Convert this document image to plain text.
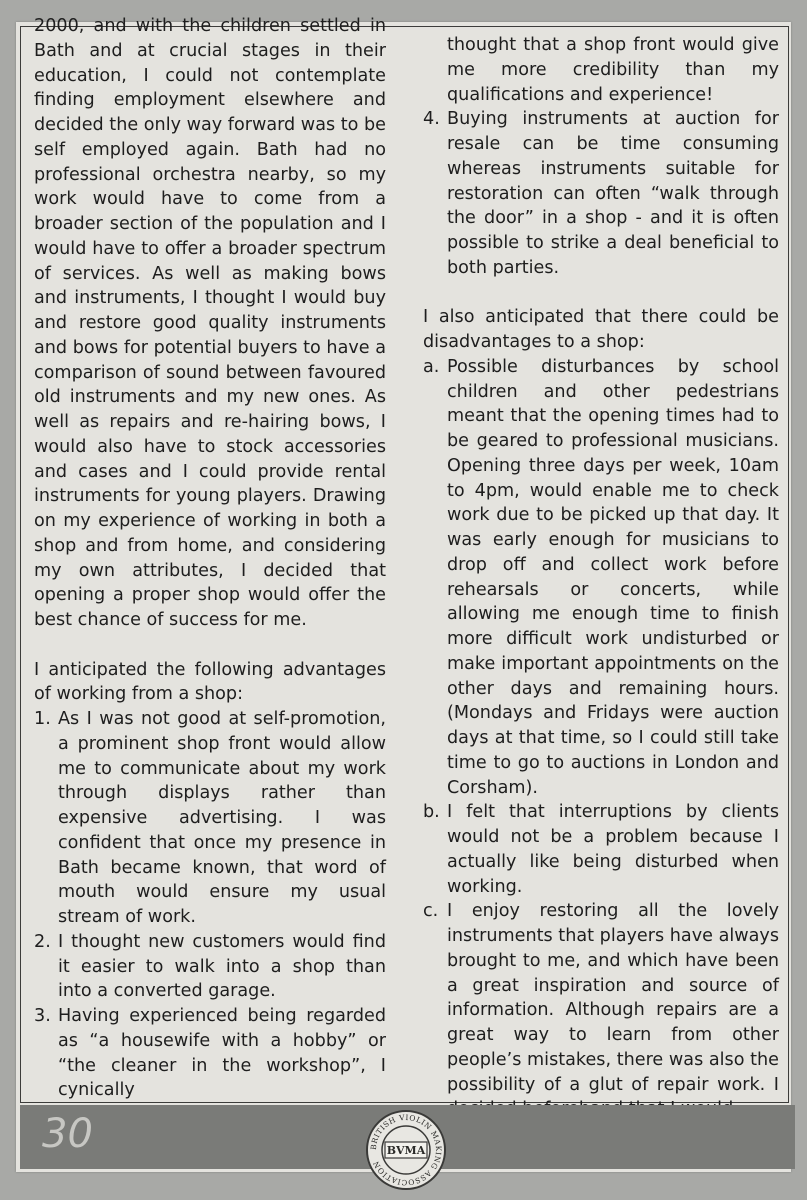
2000, and with the children settled in Bath and at crucial stages in their education, I could not contemplate finding employment elsewhere and decided the only way forward was to be self employed again. Bath had no professional orchestra nearby, so my work would have to come from a broader section of the population and I would have to offer a broader spectrum of services. As well as making bows and instruments, I thought I would buy and restore good quality instruments and bows for potential buyers to have a comparison of sound between favoured old instruments and my new ones. As well as repairs and re-hairing bows, I would also have to stock accessories and cases and I could provide rental instruments for young players. Drawing on my experience of working in both a shop and from home, and considering my own attributes, I decided that opening a proper shop would offer the best chance of success for me.

I anticipated the following advantages of working from a shop:

1. As I was not good at self-promotion, a prominent shop front would allow me to communicate about my work through displays rather than expensive advertising. I was confident that once my presence in Bath became known, that word of mouth would ensure my usual stream of work.
2. I thought new customers would find it easier to walk into a shop than into a converted garage.
3. Having experienced being regarded as “a housewife with a hobby” or “the cleaner in the workshop”, I cynically
thought that a shop front would give me more credibility than my qualifications and experience!
4. Buying instruments at auction for resale can be time consuming whereas instruments suitable for restoration can often “walk through the door” in a shop - and it is often possible to strike a deal beneficial to both parties.

I also anticipated that there could be disadvantages to a shop:

a. Possible disturbances by school children and other pedestrians meant that the opening times had to be geared to professional musicians. Opening three days per week, 10am to 4pm, would enable me to check work due to be picked up that day. It was early enough for musicians to drop off and collect work before rehearsals or concerts, while allowing me enough time to finish more difficult work undisturbed or make important appointments on the other days and remaining hours. (Mondays and Fridays were auction days at that time, so I could still take time to go to auctions in London and Corsham).
b. I felt that interruptions by clients would not be a problem because I actually like being disturbed when working.
c. I enjoy restoring all the lovely instruments that players have always brought to me, and which have been a great inspiration and source of information. Although repairs are a great way to learn from other people’s mistakes, there was also the possibility of a glut of repair work. I
30	BRITISH VIOLIN MAKING ASSOCIATION
BVMA
